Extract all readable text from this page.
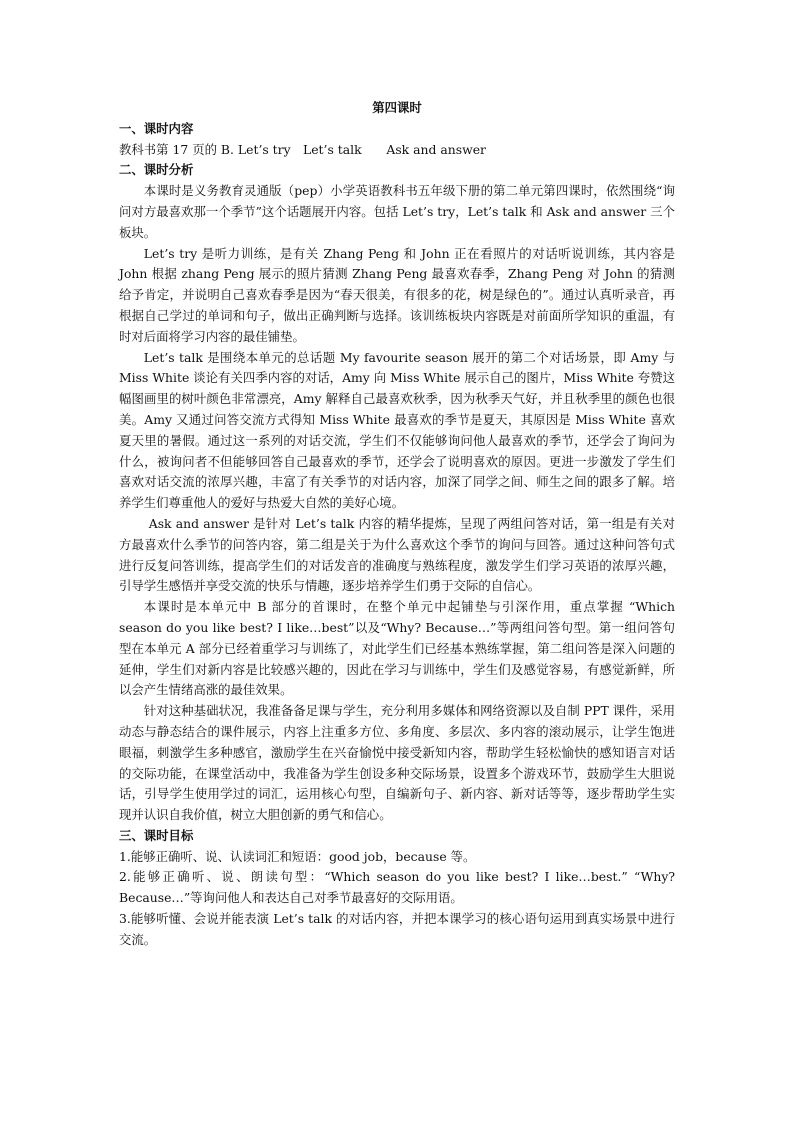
第四课时

一、课时内容

教科书第 17 页的 B. Let’s try　Let’s talk　　Ask and answer

二、课时分析

本课时是义务教育灵通版（pep）小学英语教科书五年级下册的第二单元第四课时，依然围绕“询问对方最喜欢那一个季节”这个话题展开内容。包括 Let’s try，Let’s talk 和 Ask and answer 三个板块。

Let’s try 是听力训练，是有关 Zhang Peng 和 John 正在看照片的对话听说训练，其内容是 John 根据 zhang Peng 展示的照片猜测 Zhang Peng 最喜欢春季，Zhang Peng 对 John 的猜测给予肯定，并说明自己喜欢春季是因为“春天很美，有很多的花，树是绿色的”。通过认真听录音，再根据自己学过的单词和句子，做出正确判断与选择。该训练板块内容既是对前面所学知识的重温，有时对后面将学习内容的最佳铺垫。

Let’s talk 是围绕本单元的总话题 My favourite season 展开的第二个对话场景，即 Amy 与 Miss White 谈论有关四季内容的对话，Amy 向 Miss White 展示自己的图片，Miss White 夸赞这幅图画里的树叶颜色非常漂亮，Amy 解释自己最喜欢秋季，因为秋季天气好，并且秋季里的颜色也很美。Amy 又通过问答交流方式得知 Miss White 最喜欢的季节是夏天，其原因是 Miss White 喜欢夏天里的暑假。通过这一系列的对话交流，学生们不仅能够询问他人最喜欢的季节，还学会了询问为什么，被询问者不但能够回答自己最喜欢的季节，还学会了说明喜欢的原因。更进一步激发了学生们喜欢对话交流的浓厚兴趣，丰富了有关季节的对话内容，加深了同学之间、师生之间的跟多了解。培养学生们尊重他人的爱好与热爱大自然的美好心境。

Ask and answer 是针对 Let’s talk 内容的精华提炼，呈现了两组问答对话，第一组是有关对方最喜欢什么季节的问答内容，第二组是关于为什么喜欢这个季节的询问与回答。通过这种问答句式进行反复问答训练，提高学生们的对话发音的准确度与熟练程度，激发学生们学习英语的浓厚兴趣，引导学生感悟并享受交流的快乐与情趣，逐步培养学生们勇于交际的自信心。

本课时是本单元中 B 部分的首课时，在整个单元中起铺垫与引深作用，重点掌握 “Which season do you like best? I like…best”以及“Why? Because…”等两组问答句型。第一组问答句型在本单元 A 部分已经着重学习与训练了，对此学生们已经基本熟练掌握，第二组问答是深入问题的延伸，学生们对新内容是比较感兴趣的，因此在学习与训练中，学生们及感觉容易，有感觉新鲜，所以会产生情绪高涨的最佳效果。

针对这种基础状况，我准备备足课与学生，充分利用多媒体和网络资源以及自制 PPT 课件，采用动态与静态结合的课件展示，内容上注重多方位、多角度、多层次、多内容的滚动展示，让学生饱进眼福，刺激学生多种感官，激励学生在兴奋愉悦中接受新知内容，帮助学生轻松愉快的感知语言对话的交际功能，在课堂活动中，我准备为学生创设多种交际场景，设置多个游戏环节，鼓励学生大胆说话，引导学生使用学过的词汇，运用核心句型，自编新句子、新内容、新对话等等，逐步帮助学生实现并认识自我价值，树立大胆创新的勇气和信心。

三、课时目标

1.能够正确听、说、认读词汇和短语：good job，because 等。

2.能够正确听、说、朗读句型：“Which season do you like best? I like…best.” “Why? Because…”等询问他人和表达自己对季节最喜好的交际用语。

3.能够听懂、会说并能表演 Let’s talk 的对话内容，并把本课学习的核心语句运用到真实场景中进行交流。
